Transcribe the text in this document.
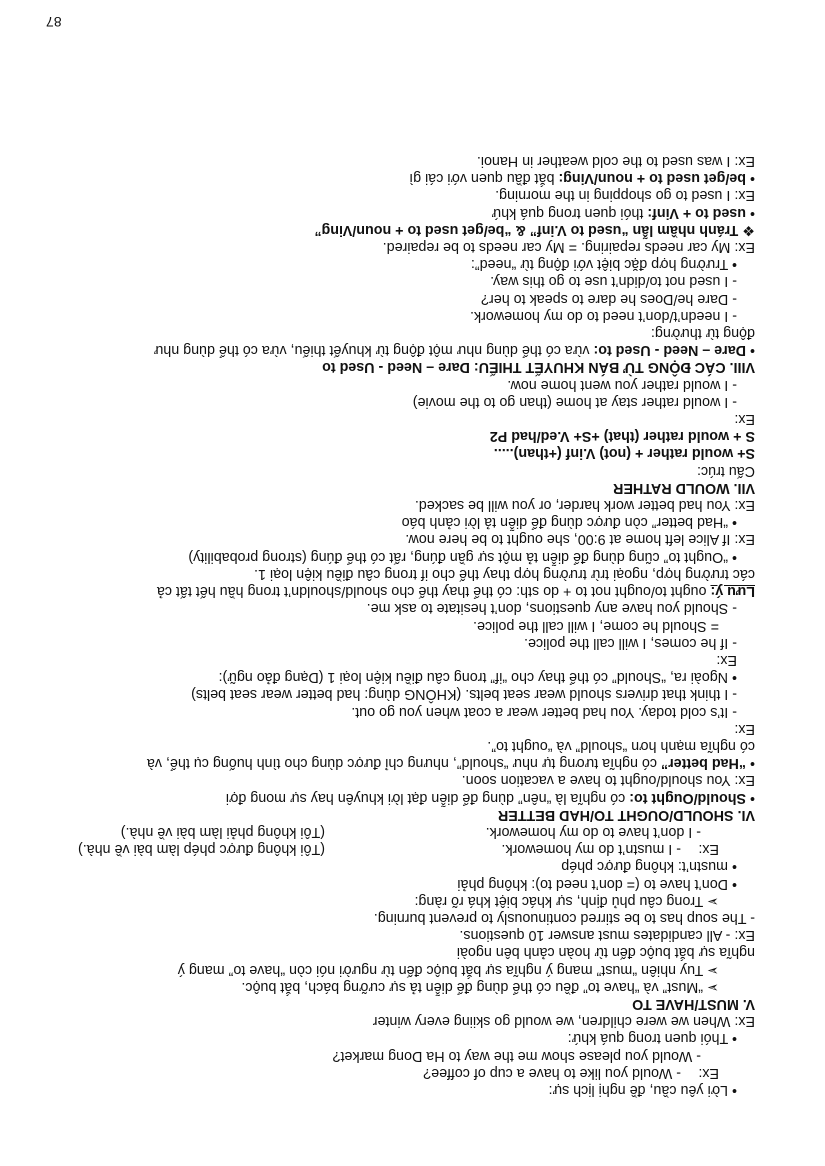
• Lời yêu cầu, đề nghị lịch sự:
Ex:- Would you like to have a cup of coffee?
- Would you please show me the way to Ha Dong market?
• Thói quen trong quá khứ:
Ex: When we were children, we would go skiing every winter
V. MUST/HAVE TO
➢ “Must” và “have to” đều có thể dùng để diễn tả sự cưỡng bách, bắt buộc.
➢ Tuy nhiên “must” mang ý nghĩa sự bắt buộc đến từ người nói còn “have to” mang ý
nghĩa sự bắt buộc đến từ hoàn cảnh bên ngoài
Ex: - All candidates must answer 10 questions.
- The soup has to be stirred continuously to prevent burning.
➢ Trong câu phủ định, sự khác biệt khá rõ ràng:
• Don’t have to (= don’t need to): không phải
• mustn’t: không được phép
Ex:- I mustn’t do my homework.
(Tôi không được phép làm bài về nhà.)
- I don’t have to do my homework.
(Tôi không phải làm bài về nhà.)
VI. SHOULD/OUGHT TO/HAD BETTER
• Should/Ought to: có nghĩa là “nên” dùng để diễn đạt lời khuyên hay sự mong đợi
Ex: You should/ought to have a vacation soon.
• “Had better” có nghĩa tương tự như “should”, nhưng chỉ được dùng cho tình huống cụ thể, và
có nghĩa mạnh hơn “should” và “ought to”.
Ex:
- It’s cold today. You had better wear a coat when you go out.
- I think that drivers should wear seat belts. (KHÔNG dùng: had better wear seat belts)
• Ngoài ra, “Should” có thể thay cho “if” trong câu điều kiện loại 1 (Dạng đảo ngữ):
Ex:
- If he comes, I will call the police.
= Should he come, I will call the police.
- Should you have any questions, don’t hesitate to ask me.
Lưu ý: ought to/ought not to + do sth: có thể thay thế cho should/shouldn’t trong hầu hết tất cả
các trường hợp, ngoại trừ trường hợp thay thế cho if trong câu điều kiện loại 1.
• “Ought to” cũng dùng để diễn tả một sự gần đúng, rất có thể đúng (strong probability)
Ex: If Alice left home at 9:00, she ought to be here now.
• “Had better” còn được dùng để diễn tả lời cảnh báo
Ex: You had better work harder, or you will be sacked.
VII. WOULD RATHER
Cấu trúc:
S+ would rather + (not) V.inf (+than).....
S + would rather (that) +S+ V.ed/had P2
Ex:
- I would rather stay at home (than go to the movie)
- I would rather you went home now.
VIII. CÁC ĐỘNG TỪ BÁN KHUYẾT THIẾU: Dare – Need - Used to
• Dare – Need - Used to: vừa có thể dùng như một động từ khuyết thiếu, vừa có thể dùng như
động từ thường:
- I needn’t/don’t need to do my homework.
- Dare he/Does he dare to speak to her?
- I used not to/didn’t use to go this way.
• Trường hợp đặc biệt với động từ “need”:
Ex: My car needs repairing. = My car needs to be repaired.
❖ Tránh nhầm lẫn “used to V.inf” & “be/get used to + noun/Ving”
• used to + Vinf: thói quen trong quá khứ
Ex: I used to go shopping in the morning.
• be/get used to + noun/Ving: bắt đầu quen với cái gì
Ex: I was used to the cold weather in Hanoi.
87
